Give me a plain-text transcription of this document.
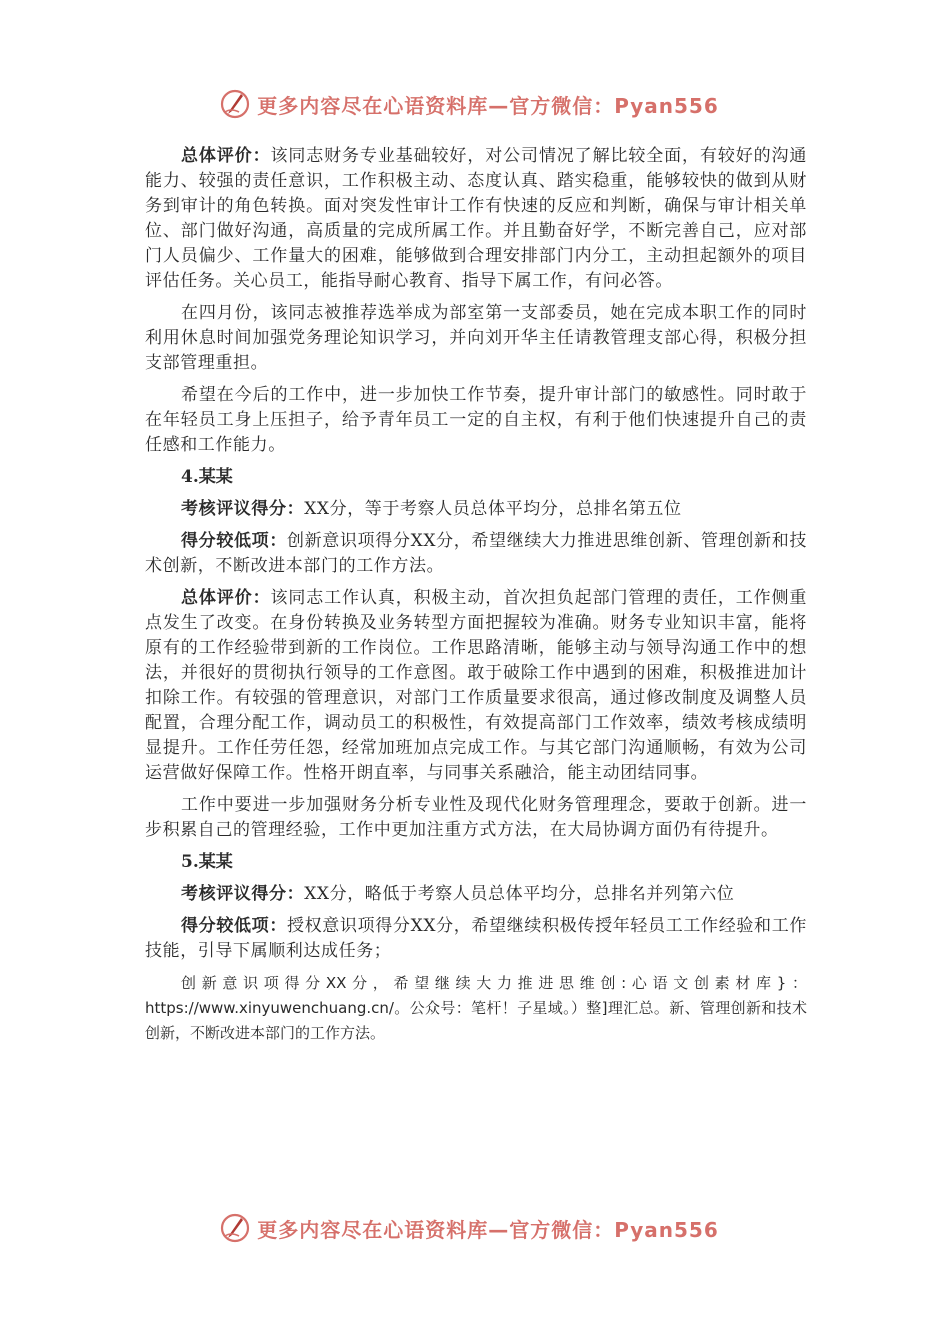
更多内容尽在心语资料库—官方微信：Pyan556

总体评价：该同志财务专业基础较好，对公司情况了解比较全面，有较好的沟通能力、较强的责任意识，工作积极主动、态度认真、踏实稳重，能够较快的做到从财务到审计的角色转换。面对突发性审计工作有快速的反应和判断，确保与审计相关单位、部门做好沟通，高质量的完成所属工作。并且勤奋好学，不断完善自己，应对部门人员偏少、工作量大的困难，能够做到合理安排部门内分工，主动担起额外的项目评估任务。关心员工，能指导耐心教育、指导下属工作，有问必答。

在四月份，该同志被推荐选举成为部室第一支部委员，她在完成本职工作的同时利用休息时间加强党务理论知识学习，并向刘开华主任请教管理支部心得，积极分担支部管理重担。

希望在今后的工作中，进一步加快工作节奏，提升审计部门的敏感性。同时敢于在年轻员工身上压担子，给予青年员工一定的自主权，有利于他们快速提升自己的责任感和工作能力。

4.某某

考核评议得分：XX分，等于考察人员总体平均分，总排名第五位

得分较低项：创新意识项得分XX分，希望继续大力推进思维创新、管理创新和技术创新，不断改进本部门的工作方法。

总体评价：该同志工作认真，积极主动，首次担负起部门管理的责任，工作侧重点发生了改变。在身份转换及业务转型方面把握较为准确。财务专业知识丰富，能将原有的工作经验带到新的工作岗位。工作思路清晰，能够主动与领导沟通工作中的想法，并很好的贯彻执行领导的工作意图。敢于破除工作中遇到的困难，积极推进加计扣除工作。有较强的管理意识，对部门工作质量要求很高，通过修改制度及调整人员配置，合理分配工作，调动员工的积极性，有效提高部门工作效率，绩效考核成绩明显提升。工作任劳任怨，经常加班加点完成工作。与其它部门沟通顺畅，有效为公司运营做好保障工作。性格开朗直率，与同事关系融洽，能主动团结同事。

工作中要进一步加强财务分析专业性及现代化财务管理理念，要敢于创新。进一步积累自己的管理经验，工作中更加注重方式方法，在大局协调方面仍有待提升。

5.某某

考核评议得分：XX分，略低于考察人员总体平均分，总排名并列第六位

得分较低项：授权意识项得分XX分，希望继续积极传授年轻员工工作经验和工作技能，引导下属顺利达成任务；

创新意识项得分XX分，希望继续大力推进思维创:心语文创素材库}：https://www.xinyuwenchuang.cn/。公众号：笔杆！子星域。）整]理汇总。新、管理创新和技术创新，不断改进本部门的工作方法。

更多内容尽在心语资料库—官方微信：Pyan556
